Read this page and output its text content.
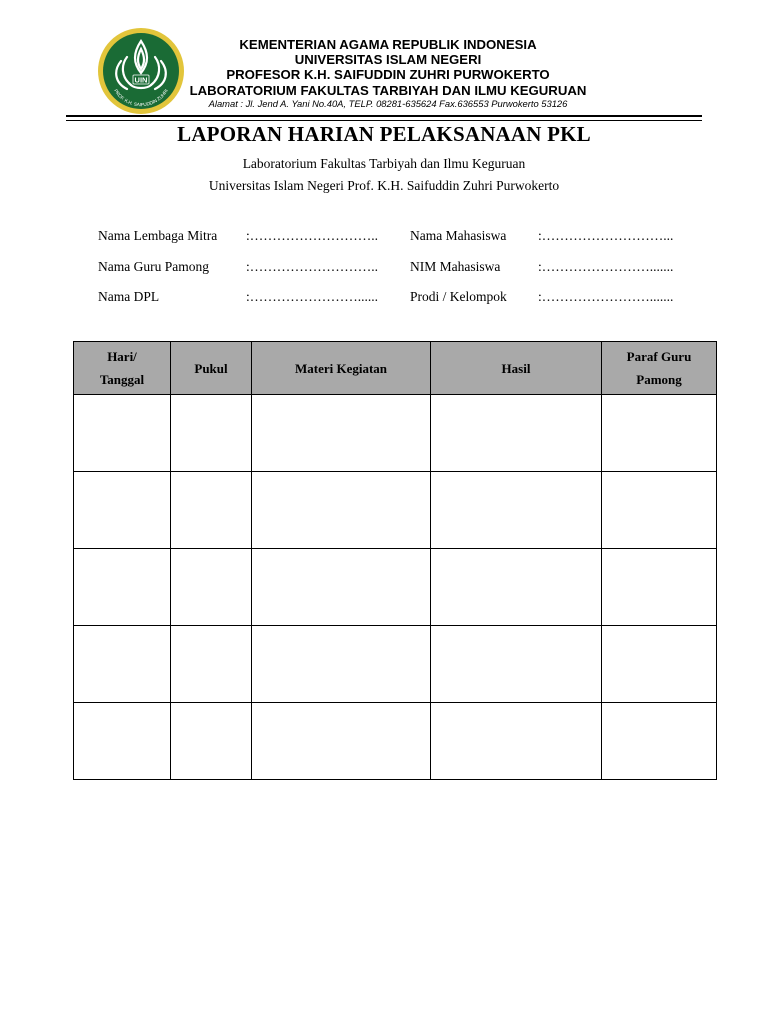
UIN
PROF. K.H. SAIFUDDIN ZUHRI
KEMENTERIAN AGAMA REPUBLIK INDONESIA
UNIVERSITAS ISLAM NEGERI
PROFESOR K.H. SAIFUDDIN ZUHRI PURWOKERTO
LABORATORIUM FAKULTAS TARBIYAH DAN ILMU KEGURUAN
Alamat : Jl. Jend A. Yani No.40A, TELP. 08281-635624 Fax.636553 Purwokerto 53126
LAPORAN HARIAN PELAKSANAAN PKL
Laboratorium Fakultas Tarbiyah dan Ilmu Keguruan
Universitas Islam Negeri Prof. K.H. Saifuddin Zuhri Purwokerto
Nama Lembaga Mitra :………………………..
Nama Guru Pamong	:………………………..
Nama DPL	:……………………......
Nama Mahasiswa :………………………...
NIM Mahasiswa	:…………………….......
Prodi / Kelompok :…………………….......
Hari/
Tanggal	Pukul	Materi Kegiatan	Hasil	Paraf Guru
Pamong
